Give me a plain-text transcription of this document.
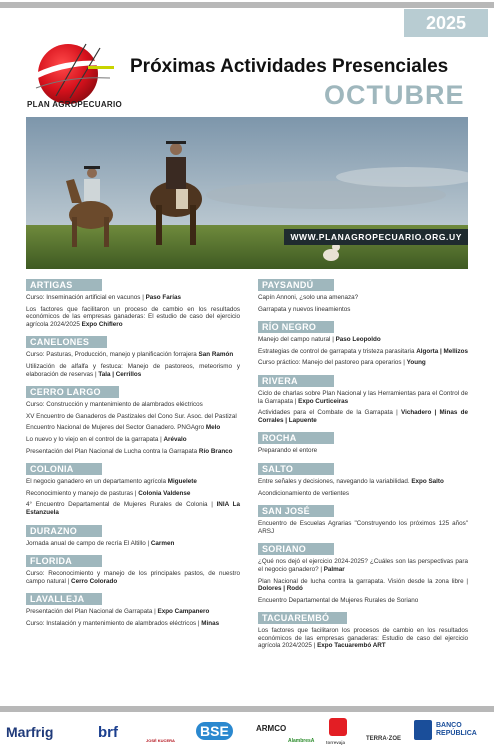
2025
PLAN AGROPECUARIO
Próximas Actividades Presenciales
OCTUBRE
WWW.PLANAGROPECUARIO.ORG.UY
ARTIGAS
Curso: Inseminación artificial en vacunos | Paso Farías
Los factores que facilitaron un proceso de cambio en los resultados económicos de las empresas ganaderas: El estudio de caso del ejercicio agrícola 2024/2025 Expo Chiflero
CANELONES
Curso: Pasturas, Producción, manejo y planificación forrajera San Ramón
Utilización de alfalfa y festuca: Manejo de pastoreos, meteorismo y elaboración de reservas | Tala | Cerrillos
CERRO LARGO
Curso: Construcción y mantenimiento de alambrados eléctricos
XV Encuentro de Ganaderos de Pastizales del Cono Sur. Asoc. del Pastizal
Encuentro Nacional de Mujeres del Sector Ganadero. PNGAgro Melo
Lo nuevo y lo viejo en el control de la garrapata | Arévalo
Presentación del Plan Nacional de Lucha contra la Garrapata Río Branco
COLONIA
El negocio ganadero en un departamento agrícola Miguelete
Reconocimiento y manejo de pasturas | Colonia Valdense
4° Encuentro Departamental de Mujeres Rurales de Colonia | INIA La Estanzuela
DURAZNO
Jornada anual de campo de recría El Altillo | Carmen
FLORIDA
Curso: Reconocimiento y manejo de los principales pastos, de nuestro campo natural | Cerro Colorado
LAVALLEJA
Presentación del Plan Nacional de Garrapata | Expo Campanero
Curso: Instalación y mantenimiento de alambrados eléctricos | Minas
PAYSANDÚ
Capín Annoni, ¿solo una amenaza?
Garrapata y nuevos lineamientos
RÍO NEGRO
Manejo del campo natural | Paso Leopoldo
Estrategias de control de garrapata y tristeza parasitaria Algorta | Mellizos
Curso práctico: Manejo del pastoreo para operarios | Young
RIVERA
Ciclo de charlas sobre Plan Nacional y las Herramientas para el Control de la Garrapata | Expo Curticeiras
Actividades para el Combate de la Garrapata | Vichadero | Minas de Corrales | Lapuente
ROCHA
Preparando el entore
SALTO
Entre señales y decisiones, navegando la variabilidad. Expo Salto
Acondicionamiento de vertientes
SAN JOSÉ
Encuentro de Escuelas Agrarias "Construyendo los próximos 125 años" ARSJ
SORIANO
¿Qué nos dejó el ejercicio 2024-2025? ¿Cuáles son las perspectivas para el negocio ganadero? | Palmar
Plan Nacional de lucha contra la garrapata. Visión desde la zona libre | Dolores | Rodó
Encuentro Departamental de Mujeres Rurales de Soriano
TACUAREMBÓ
Los factores que facilitaron los procesos de cambio en los resultados económicos de las empresas ganaderas: Estudio de caso del ejercicio agrícola 2024/2025 | Expo Tacuarembó ART
Marfrig	brf	JOSÉ KUCERA
BSE	ARMCO
AlambresA	torrevaja
TERRA·ZOE
BANCO REPÚBLICA
